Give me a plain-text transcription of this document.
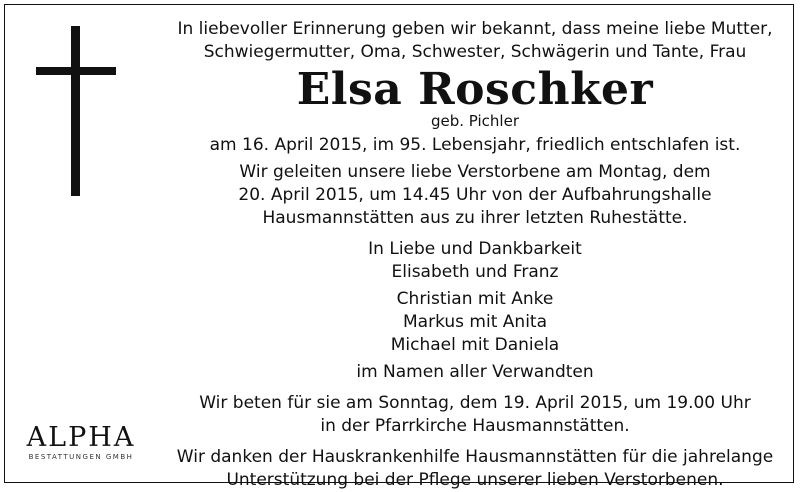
In liebevoller Erinnerung geben wir bekannt, dass meine liebe Mutter,
Schwiegermutter, Oma, Schwester, Schwägerin und Tante, Frau
Elsa Roschker
geb. Pichler
am 16. April 2015, im 95. Lebensjahr, friedlich entschlafen ist.
Wir geleiten unsere liebe Verstorbene am Montag, dem
20. April 2015, um 14.45 Uhr von der Aufbahrungshalle
Hausmannstätten aus zu ihrer letzten Ruhestätte.
In Liebe und Dankbarkeit
Elisabeth und Franz
Christian mit Anke
Markus mit Anita
Michael mit Daniela
im Namen aller Verwandten
Wir beten für sie am Sonntag, dem 19. April 2015, um 19.00 Uhr
in der Pfarrkirche Hausmannstätten.
Wir danken der Hauskrankenhilfe Hausmannstätten für die jahrelange
Unterstützung bei der Pflege unserer lieben Verstorbenen.
ALPHA
BESTATTUNGEN GMBH
